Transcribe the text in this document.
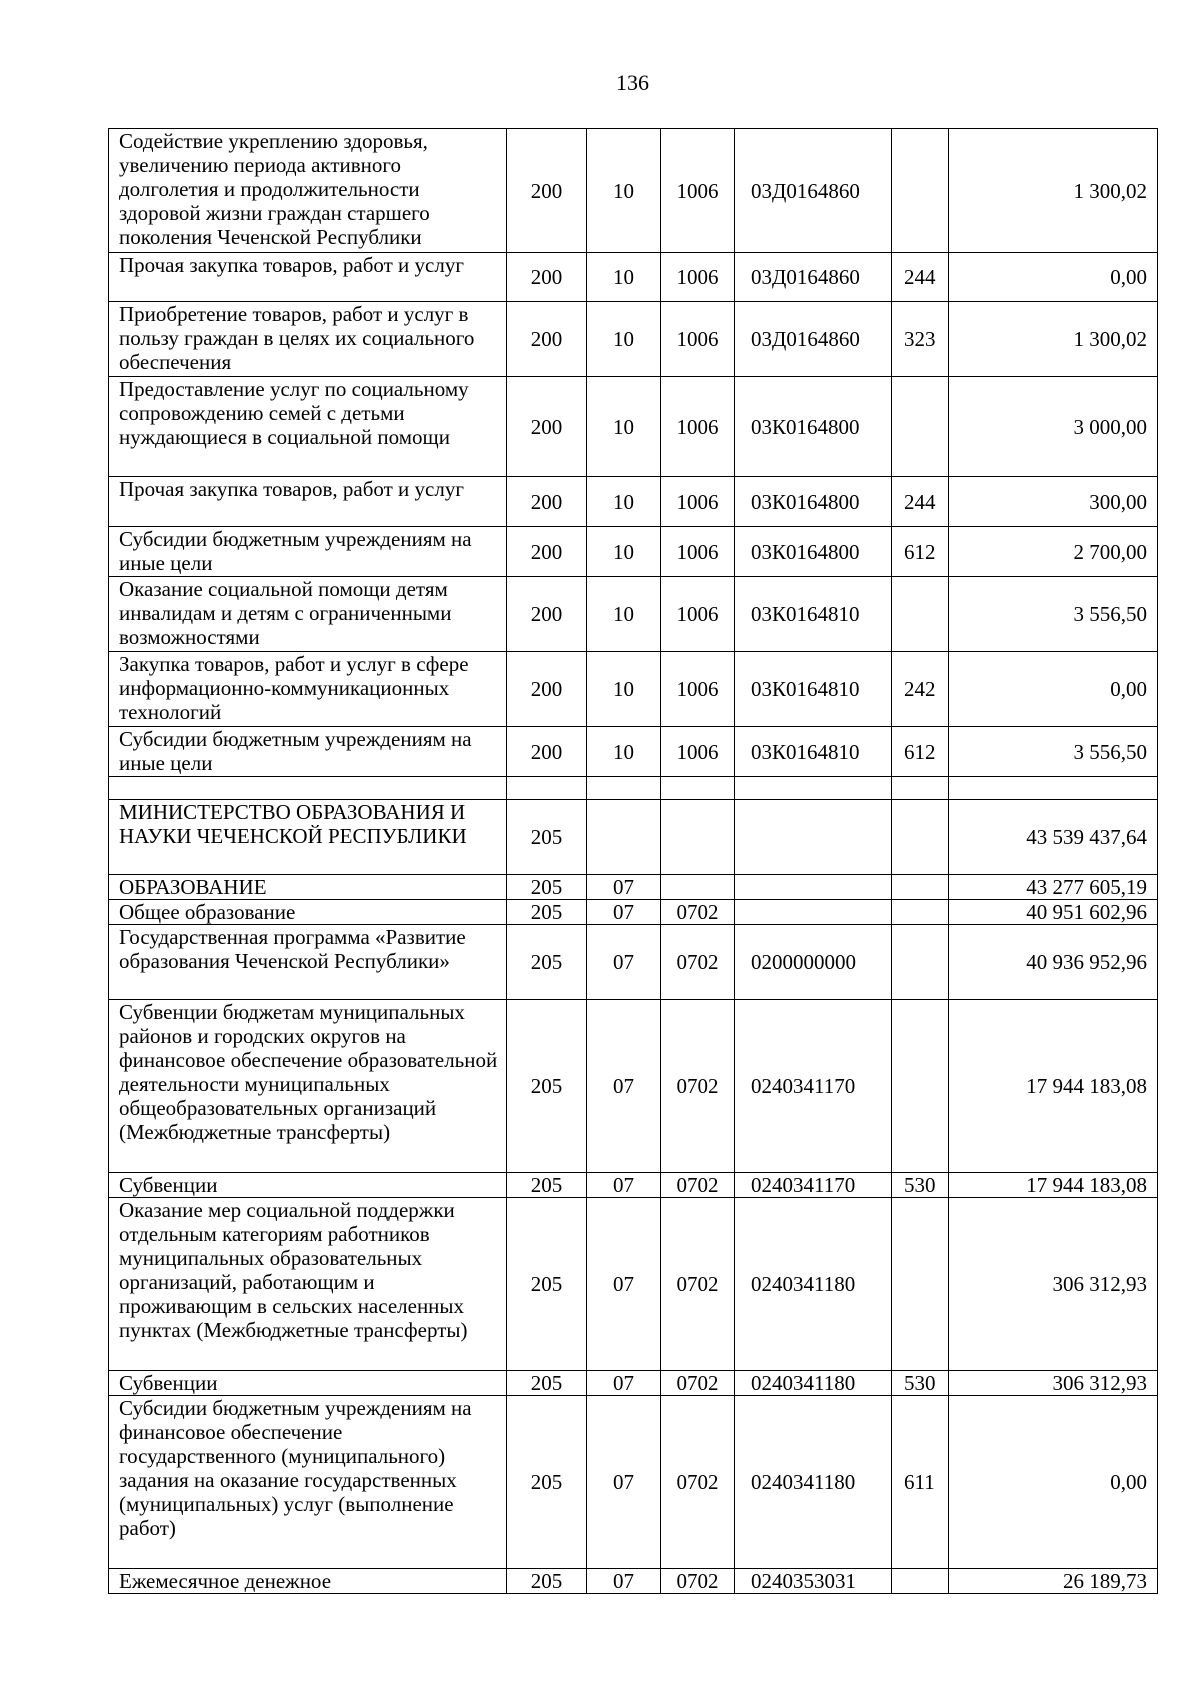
136
Содействие укреплению здоровья, увеличению периода активного долголетия и продолжительности здоровой жизни граждан старшего поколения Чеченской Республики	200	10	1006	03Д0164860		1 300,02
Прочая закупка товаров, работ и услуг	200	10	1006	03Д0164860	244	0,00
Приобретение товаров, работ и услуг в пользу граждан в целях их социального обеспечения	200	10	1006	03Д0164860	323	1 300,02
Предоставление услуг по социальному сопровождению семей с детьми нуждающиеся в социальной помощи	200	10	1006	03К0164800		3 000,00
Прочая закупка товаров, работ и услуг	200	10	1006	03К0164800	244	300,00
Субсидии бюджетным учреждениям на иные цели	200	10	1006	03К0164800	612	2 700,00
Оказание социальной помощи детям инвалидам и детям с ограниченными возможностями	200	10	1006	03К0164810		3 556,50
Закупка товаров, работ и услуг в сфере информационно-коммуникационных технологий	200	10	1006	03К0164810	242	0,00
Субсидии бюджетным учреждениям на иные цели	200	10	1006	03К0164810	612	3 556,50

МИНИСТЕРСТВО ОБРАЗОВАНИЯ И НАУКИ ЧЕЧЕНСКОЙ РЕСПУБЛИКИ	205					43 539 437,64
ОБРАЗОВАНИЕ	205	07				43 277 605,19
Общее образование	205	07	0702			40 951 602,96
Государственная программа «Развитие образования Чеченской Республики»	205	07	0702	0200000000		40 936 952,96
Субвенции бюджетам муниципальных районов и городских округов на финансовое обеспечение образовательной деятельности муниципальных общеобразовательных организаций (Межбюджетные трансферты)	205	07	0702	0240341170		17 944 183,08
Субвенции	205	07	0702	0240341170	530	17 944 183,08
Оказание мер социальной поддержки отдельным категориям работников муниципальных образовательных организаций, работающим и проживающим в сельских населенных пунктах (Межбюджетные трансферты)	205	07	0702	0240341180		306 312,93
Субвенции	205	07	0702	0240341180	530	306 312,93
Субсидии бюджетным учреждениям на финансовое обеспечение государственного (муниципального) задания на оказание государственных (муниципальных) услуг (выполнение работ)	205	07	0702	0240341180	611	0,00
Ежемесячное денежное	205	07	0702	0240353031		26 189,73
